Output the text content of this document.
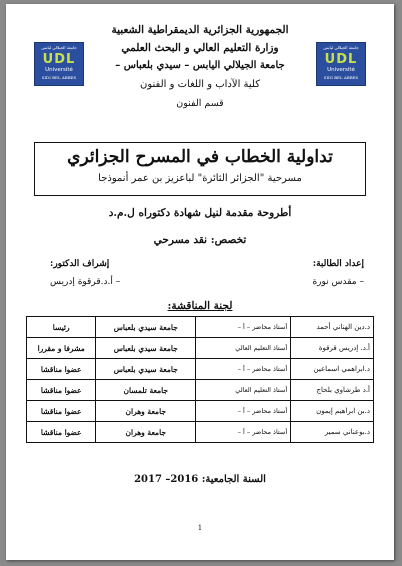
جامعة الجيلالي ليابس
UDL
Université
SIDI BEL ABBES
جامعة الجيلالي ليابس
UDL
Université
SIDI BEL ABBES
الجمهورية الجزائرية الديمقراطية الشعبية
وزارة التعليم العالي و البحث العلمي
جامعة الجيلالي اليابس – سيدي بلعباس –
كلية الآداب و اللغات و الفنون
قسم الفنون
تداولية الخطاب في المسرح الجزائري
مسرحية "الجزائر الثائرة" لباعزيز بن عمر أنموذجا
أطروحة مقدمة لنيل شهادة دكتوراه ل.م.د
تخصص: نقد مسرحي
إعداد الطالبة:
إشراف الدكتور:
– مقدس نورة
– أ.د.قرقوة إدريس
لجنة المناقشة:
د.دين الهناني أحمد	أستاذ محاضر – أ –	جامعة سيدي بلعباس	رئيسا
أ.د. إدريس قرقوة	أستاذ التعليم العالي	جامعة سيدي بلعباس	مشرفا و مقررا
د.ابراهمي اسماعين	أستاذ محاضر – أ –	جامعة سيدي بلعباس	عضوا مناقشا
أ.د طرشاوي بلحاج	أستاذ التعليم العالي	جامعة تلمسان	عضوا مناقشا
د.بن ابراهيم إيمون	أستاذ محاضر – أ –	جامعة وهران	عضوا مناقشا
د.بوعناني سمير	أستاذ محاضر – أ –	جامعة وهران	عضوا مناقشا
السنة الجامعية: 2016– 2017
1
